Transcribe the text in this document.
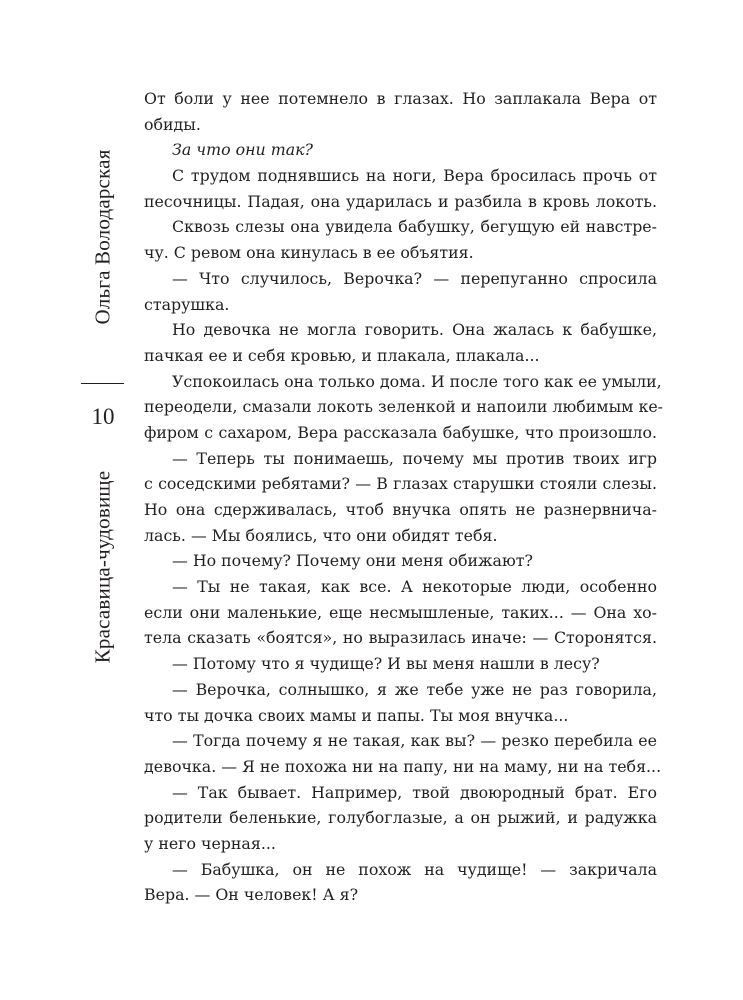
Ольга Володарская
10
Красавица-чудовище
От боли у нее потемнело в глазах. Но заплакала Вера от
обиды.
За что они так?
С трудом поднявшись на ноги, Вера бросилась прочь от
песочницы. Падая, она ударилась и разбила в кровь локоть.
Сквозь слезы она увидела бабушку, бегущую ей навстре-
чу. С ревом она кинулась в ее объятия.
— Что случилось, Верочка? — перепуганно спросила
старушка.
Но девочка не могла говорить. Она жалась к бабушке,
пачкая ее и себя кровью, и плакала, плакала...
Успокоилась она только дома. И после того как ее умыли,
переодели, смазали локоть зеленкой и напоили любимым ке-
фиром с сахаром, Вера рассказала бабушке, что произошло.
— Теперь ты понимаешь, почему мы против твоих игр
с соседскими ребятами? — В глазах старушки стояли слезы.
Но она сдерживалась, чтоб внучка опять не разнервнича-
лась. — Мы боялись, что они обидят тебя.
— Но почему? Почему они меня обижают?
— Ты не такая, как все. А некоторые люди, особенно
если они маленькие, еще несмышленые, таких... — Она хо-
тела сказать «боятся», но выразилась иначе: — Сторонятся.
— Потому что я чудище? И вы меня нашли в лесу?
— Верочка, солнышко, я же тебе уже не раз говорила,
что ты дочка своих мамы и папы. Ты моя внучка...
— Тогда почему я не такая, как вы? — резко перебила ее
девочка. — Я не похожа ни на папу, ни на маму, ни на тебя...
— Так бывает. Например, твой двоюродный брат. Его
родители беленькие, голубоглазые, а он рыжий, и радужка
у него черная...
— Бабушка, он не похож на чудище! — закричала
Вера. — Он человек! А я?
